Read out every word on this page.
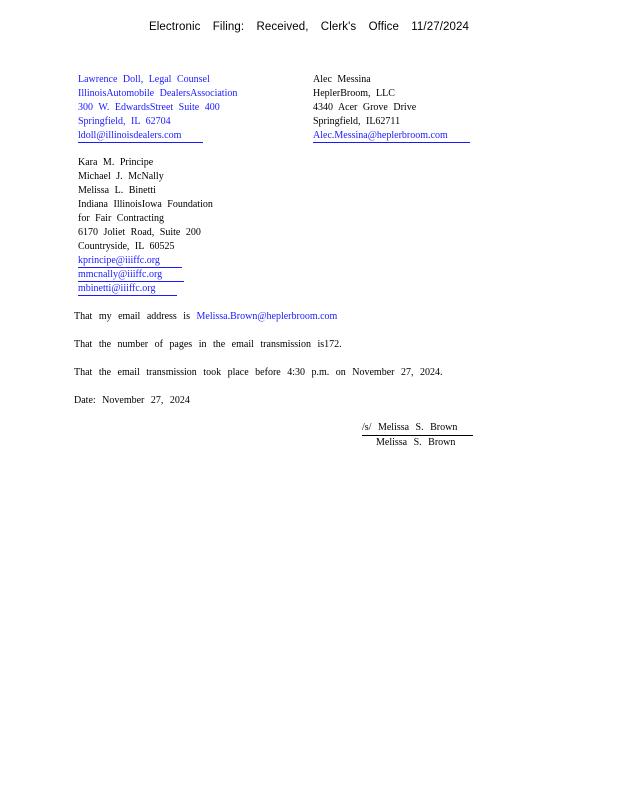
Electronic Filing: Received, Clerk's Office 11/27/2024
Lawrence Doll, Legal Counsel
IllinoisAutomobile DealersAssociation
300 W. EdwardsStreet Suite 400
Springfield, IL 62704
ldoll@illinoisdealers.com
Alec Messina
HeplerBroom, LLC
4340 Acer Grove Drive
Springfield, IL62711
Alec.Messina@heplerbroom.com
Kara M. Principe
Michael J. McNally
Melissa L. Binetti
Indiana IllinoisIowa Foundation
for Fair Contracting
6170 Joliet Road, Suite 200
Countryside, IL 60525
kprincipe@iiiffc.org
mmcnally@iiiffc.org
mbinetti@iiiffc.org
That my email address is Melissa.Brown@heplerbroom.com
That the number of pages in the email transmission is172.
That the email transmission took place before 4:30 p.m. on November 27, 2024.
Date: November 27, 2024
/s/ Melissa S. Brown
Melissa S. Brown
